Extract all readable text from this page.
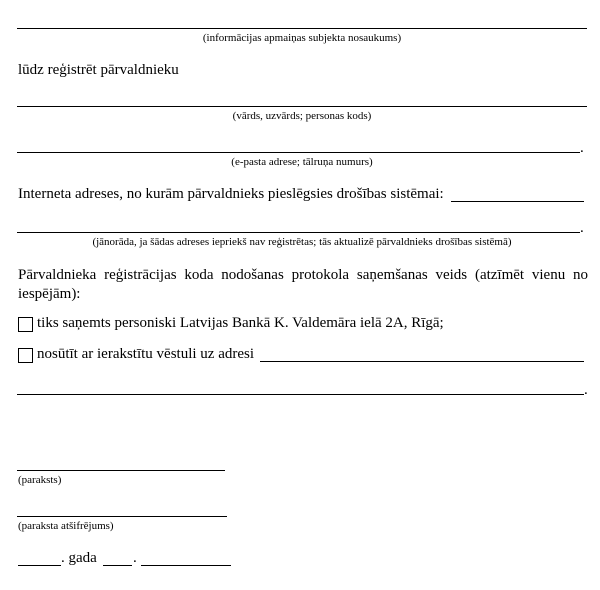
(informācijas apmaiņas subjekta nosaukums)
lūdz reģistrēt pārvaldnieku
(vārds, uzvārds; personas kods)
.
(e-pasta adrese; tālruņa numurs)
Interneta adreses, no kurām pārvaldnieks pieslēgsies drošības sistēmai:
.
(jānorāda, ja šādas adreses iepriekš nav reģistrētas; tās aktualizē pārvaldnieks drošības sistēmā)
Pārvaldnieka reģistrācijas koda nodošanas protokola saņemšanas veids (atzīmēt vienu no iespējām):
tiks saņemts personiski Latvijas Bankā K. Valdemāra ielā 2A, Rīgā;
nosūtīt ar ierakstītu vēstuli uz adresi
.
(paraksts)
(paraksta atšifrējums)
. gada .
